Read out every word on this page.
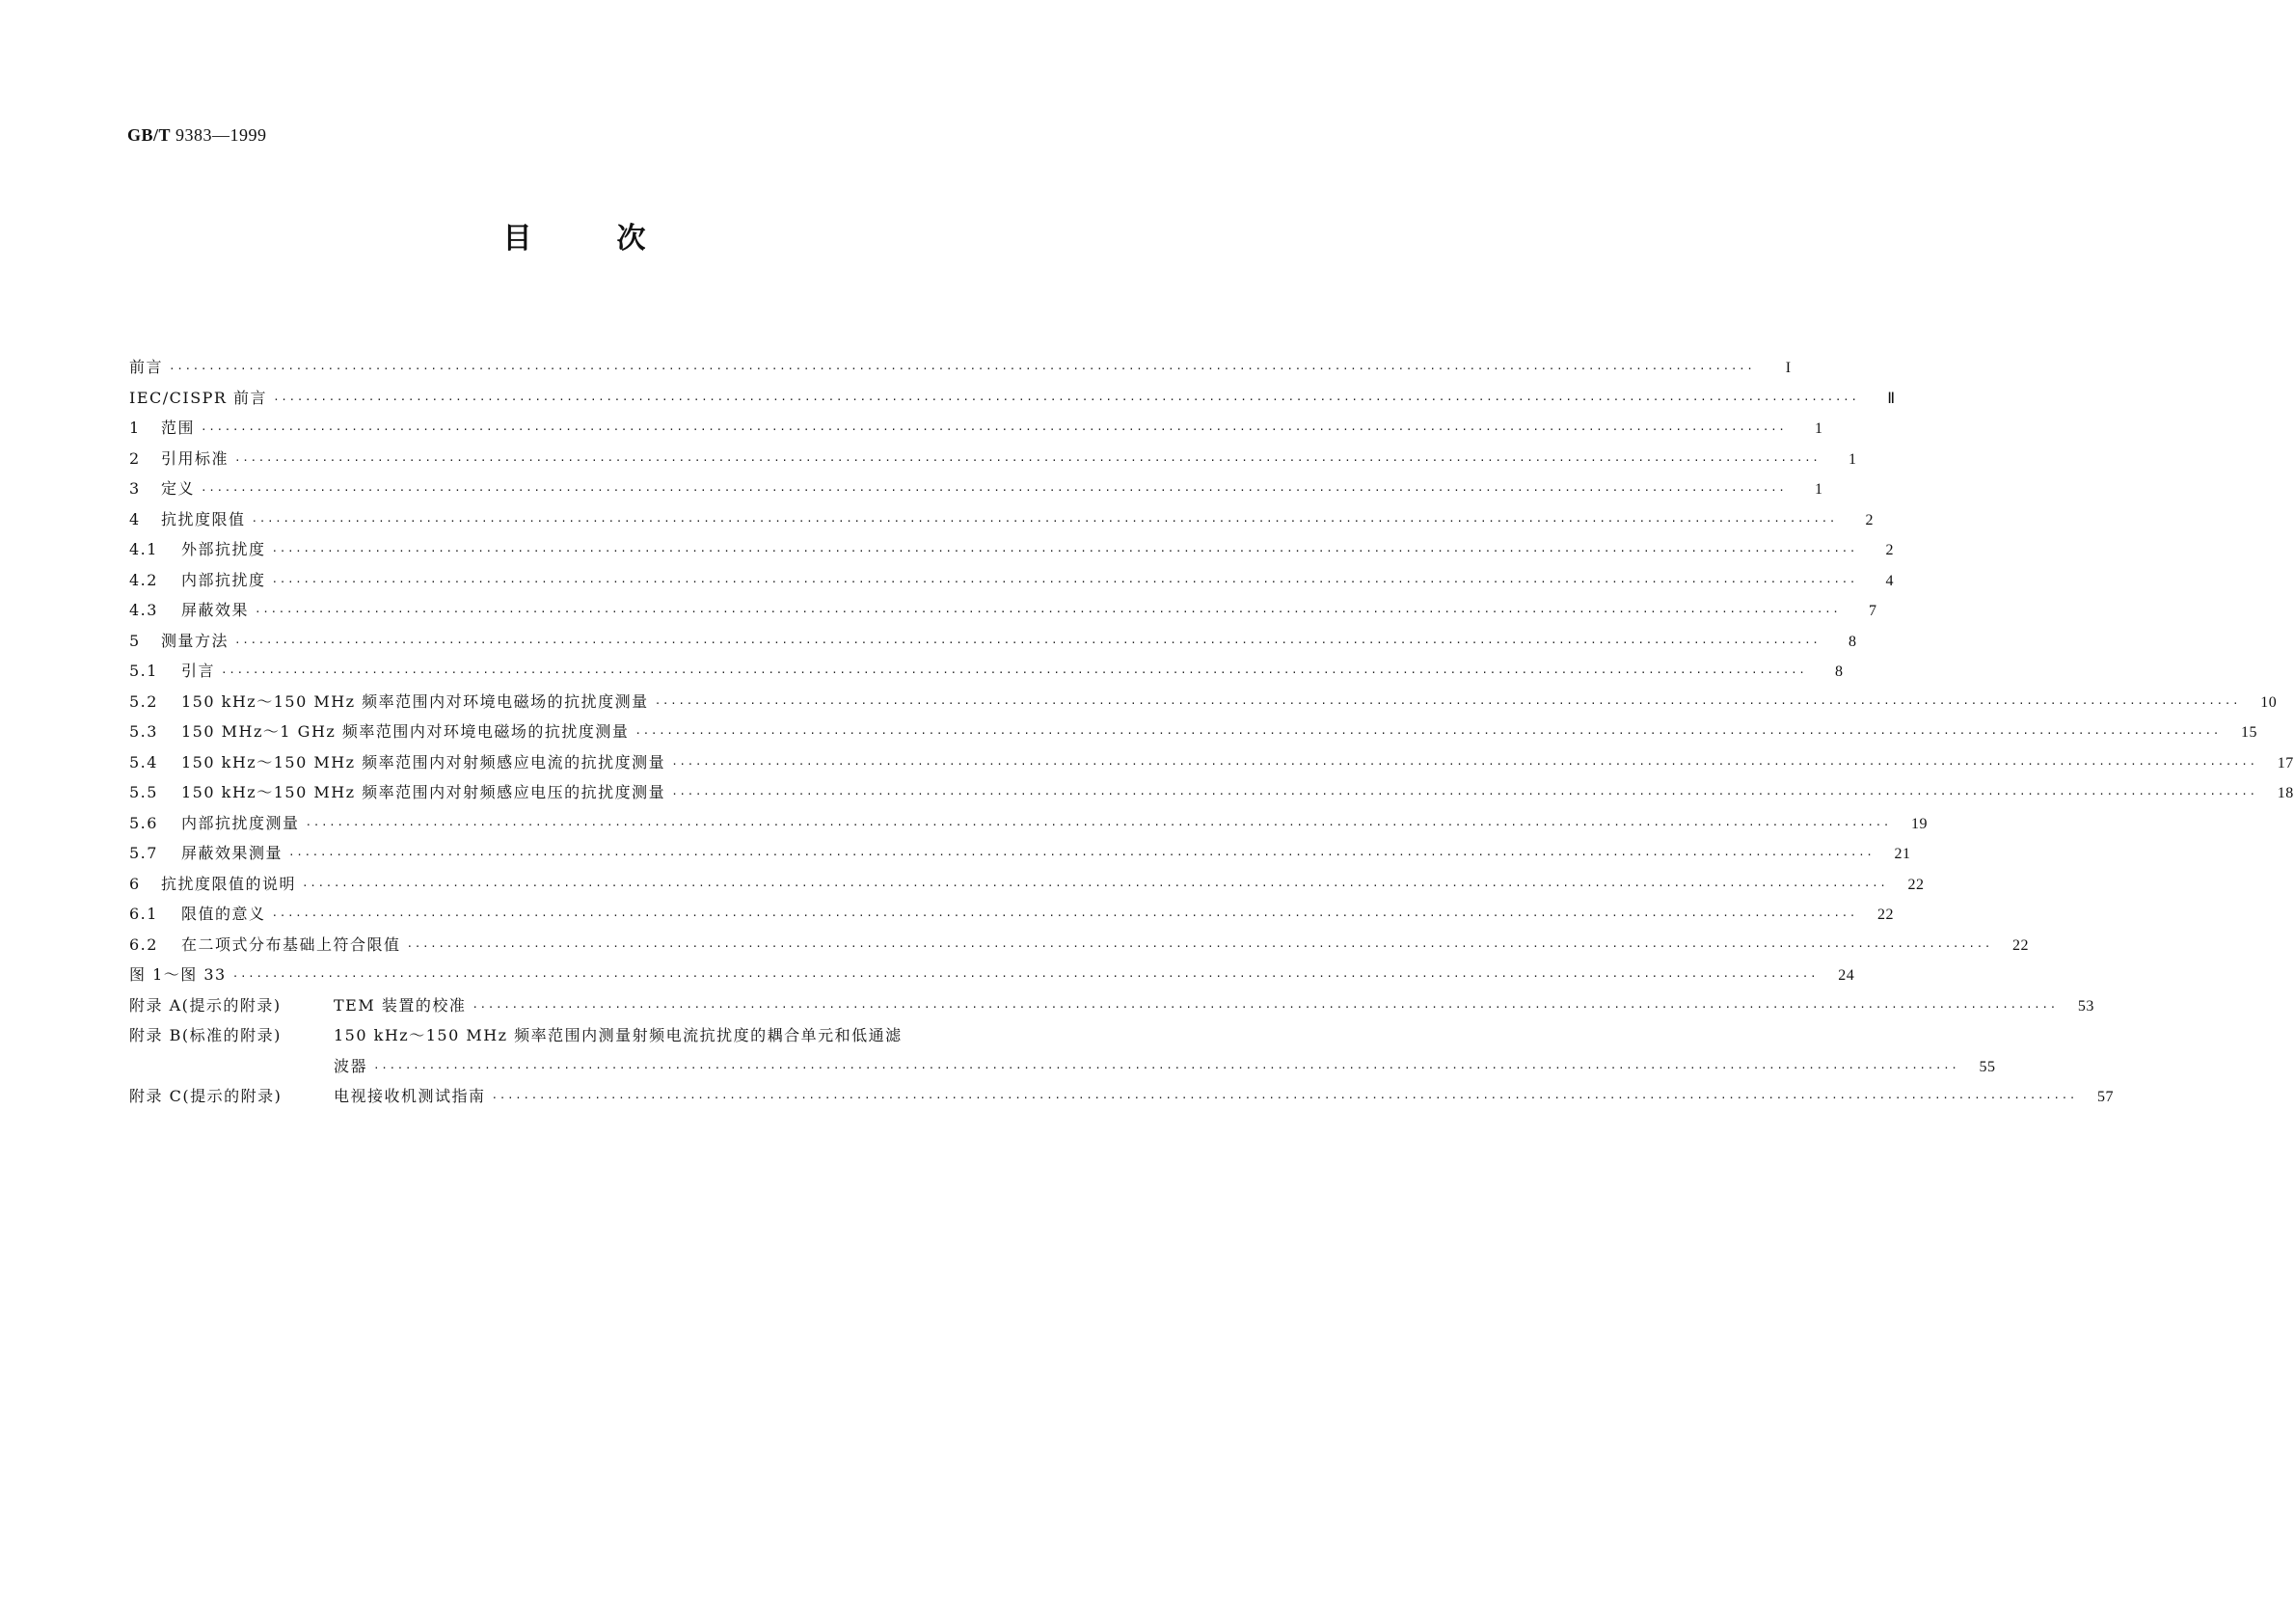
GB/T 9383—1999
目次
前言 ········································································································································································································	I
IEC/CISPR 前言 ········································································································································································································	Ⅱ
1	范围 ········································································································································································································	1
2	引用标准 ········································································································································································································	1
3	定义 ········································································································································································································	1
4	抗扰度限值 ········································································································································································································	2
4.1	外部抗扰度 ········································································································································································································	2
4.2	内部抗扰度 ········································································································································································································	4
4.3	屏蔽效果 ········································································································································································································	7
5	测量方法 ········································································································································································································	8
5.1	引言 ········································································································································································································	8
5.2	150 kHz～150 MHz 频率范围内对环境电磁场的抗扰度测量 ········································································································································································································	10
5.3	150 MHz～1 GHz 频率范围内对环境电磁场的抗扰度测量 ········································································································································································································	15
5.4	150 kHz～150 MHz 频率范围内对射频感应电流的抗扰度测量 ········································································································································································································	17
5.5	150 kHz～150 MHz 频率范围内对射频感应电压的抗扰度测量 ········································································································································································································	18
5.6	内部抗扰度测量 ········································································································································································································	19
5.7	屏蔽效果测量 ········································································································································································································	21
6	抗扰度限值的说明 ········································································································································································································	22
6.1	限值的意义 ········································································································································································································	22
6.2	在二项式分布基础上符合限值 ········································································································································································································	22
图 1～图 33 ········································································································································································································	24
附录 A(提示的附录)	TEM 装置的校准 ········································································································································································································	53
附录 B(标准的附录)	150 kHz～150 MHz 频率范围内测量射频电流抗扰度的耦合单元和低通滤
波器 ········································································································································································································	55
附录 C(提示的附录)	电视接收机测试指南 ········································································································································································································	57
